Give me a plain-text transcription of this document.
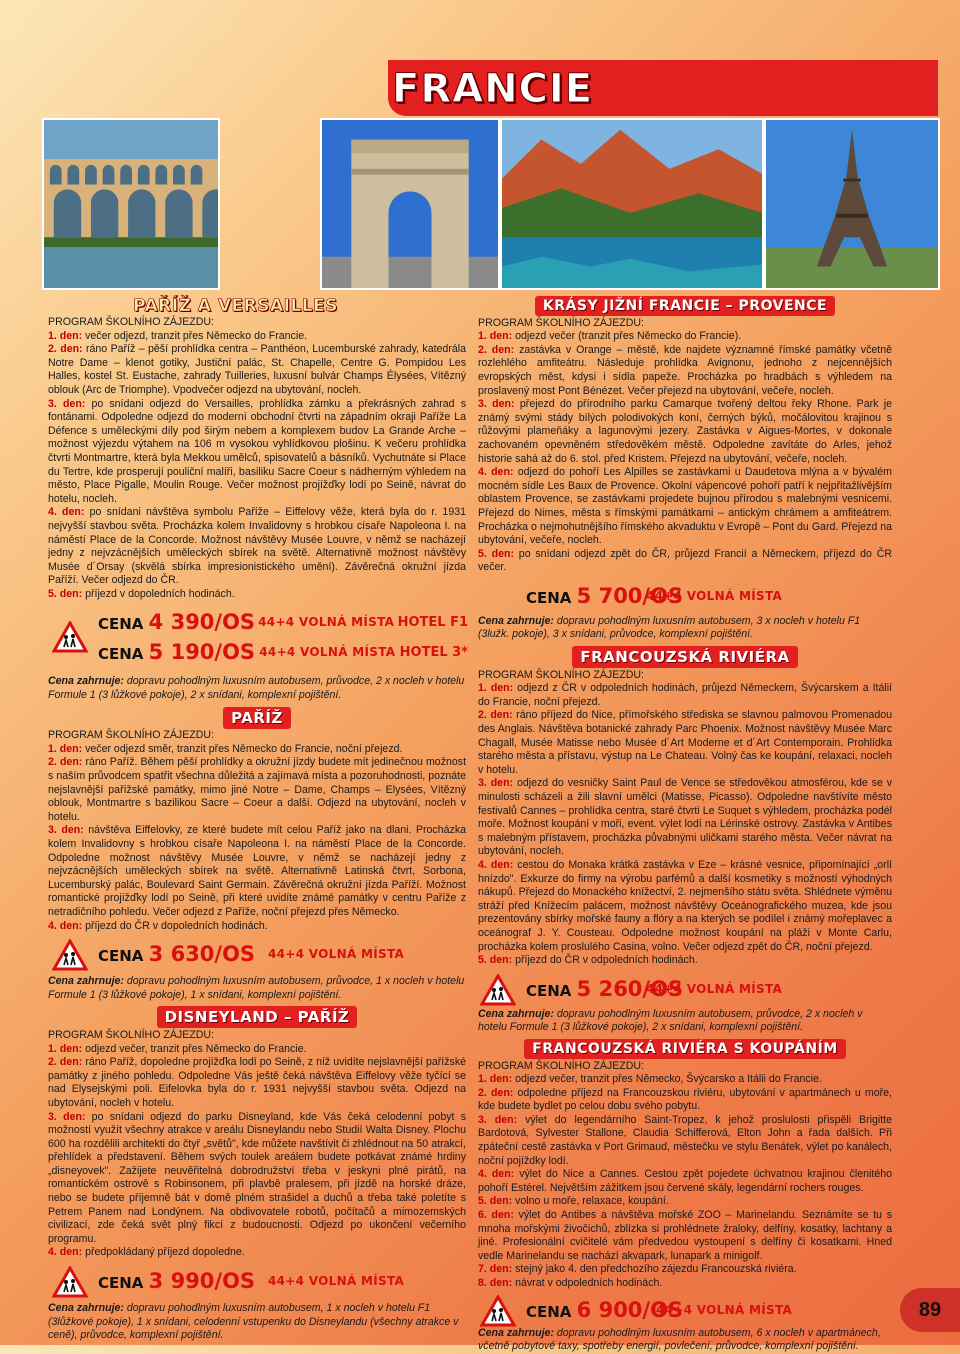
FRANCIE
PAŘÍŽ A VERSAILLES

PROGRAM ŠKOLNÍHO ZÁJEZDU:

1. den: večer odjezd, tranzit přes Německo do Francie.

2. den: ráno Paříž – pěší prohlídka centra – Panthéon, Lucemburské zahrady, katedrála Notre Dame – klenot gotiky, Justiční palác, St. Chapelle, Centre G. Pompidou Les Halles, kostel St. Eustache, zahrady Tuilleries, luxusní bulvár Champs Élysées, Vítězný oblouk (Arc de Triomphe). Vpodvečer odjezd na ubytování, nocleh.

3. den: po snídani odjezd do Versailles, prohlídka zámku a překrásných zahrad s fontánami. Odpoledne odjezd do moderní obchodní čtvrti na západním okraji Paříže La Défence s uměleckými díly pod širým nebem a komplexem budov La Grande Arche – možnost výjezdu výtahem na 106 m vysokou vyhlídkovou plošinu. K večeru prohlídka čtvrti Montmartre, která byla Mekkou umělců, spisovatelů a básníků. Vychutnáte si Place du Tertre, kde prosperují pouliční malíři, basiliku Sacre Coeur s nádherným výhledem na město, Place Pigalle, Moulin Rouge. Večer možnost projížďky lodí po Seině, návrat do hotelu, nocleh.

4. den: po snídani návštěva symbolu Paříže – Eiffelovy věže, která byla do r. 1931 nejvyšší stavbou světa. Procházka kolem Invalidovny s hrobkou císaře Napoleona I. na náměstí Place de la Concorde. Možnost návštěvy Musée Louvre, v němž se nacházejí jedny z nejvzácnějších uměleckých sbírek na světě. Alternativně možnost návštěvy Musée d´Orsay (skvělá sbírka impresionistického umění). Závěrečná okružní jízda Paříží. Večer odjezd do ČR.

5. den: příjezd v dopoledních hodinách.

CENA 4 390/OS 44+4 VOLNÁ MÍSTA HOTEL F1
CENA 5 190/OS 44+4 VOLNÁ MÍSTA HOTEL 3*

Cena zahrnuje: dopravu pohodlným luxusním autobusem, průvodce, 2 x nocleh v hotelu Formule 1 (3 lůžkové pokoje), 2 x snídani, komplexní pojištění.

PAŘÍŽ

PROGRAM ŠKOLNÍHO ZÁJEZDU:

1. den: večer odjezd směr, tranzit přes Německo do Francie, noční přejezd.

2. den: ráno Paříž. Během pěší prohlídky a okružní jízdy budete mít jedinečnou možnost s naším průvodcem spatřit všechna důležitá a zajímavá místa a pozoruhodnosti, poznáte nejslavnější pařížské památky, mimo jiné Notre – Dame, Champs – Elysées, Vítězný oblouk, Montmartre s bazilikou Sacre – Coeur a další. Odjezd na ubytování, nocleh v hotelu.

3. den: návštěva Eiffelovky, ze které budete mít celou Paříž jako na dlani. Procházka kolem Invalidovny s hrobkou císaře Napoleona I. na náměstí Place de la Concorde. Odpoledne možnost návštěvy Musée Louvre, v němž se nacházejí jedny z nejvzácnějších uměleckých sbírek na světě. Alternativně Latinská čtvrt, Sorbona, Lucemburský palác, Boulevard Saint Germain. Závěrečná okružní jízda Paříží. Možnost romantické projížďky lodí po Seině, při které uvidíte známé památky v centru Paříže z netradičního pohledu. Večer odjezd z Paříže, noční přejezd přes Německo.

4. den: příjezd do ČR v dopoledních hodinách.

CENA 3 630/OS	44+4 VOLNÁ MÍSTA

Cena zahrnuje: dopravu pohodlným luxusním autobusem, průvodce, 1 x nocleh v hotelu Formule 1 (3 lůžkové pokoje), 1 x snídani, komplexní pojištění.

DISNEYLAND – PAŘÍŽ

PROGRAM ŠKOLNÍHO ZÁJEZDU:

1. den: odjezd večer, tranzit přes Německo do Francie.

2. den: ráno Paříž, dopoledne projížďka lodí po Seině, z níž uvidíte nejslavnější pařížské památky z jiného pohledu. Odpoledne Vás ještě čeká návštěva Eiffelovy věže tyčící se nad Elysejskými poli. Eifelovka byla do r. 1931 nejvyšší stavbou světa. Odjezd na ubytování, nocleh v hotelu.

3. den: po snídani odjezd do parku Disneyland, kde Vás čeká celodenní pobyt s možností využít všechny atrakce v areálu Disneylandu nebo Studií Walta Disney. Plochu 600 ha rozdělili architekti do čtyř „světů", kde můžete navštívit či zhlédnout na 50 atrakcí, přehlídek a představení. Během svých toulek areálem budete potkávat známé hrdiny „disneyovek". Zažijete neuvěřitelná dobrodružství třeba v jeskyni plné pirátů, na romantickém ostrově s Robinsonem, při plavbě pralesem, při jízdě na horské dráze, nebo se budete příjemně bát v domě plném strašidel a duchů a třeba také poletíte s Petrem Panem nad Londýnem. Na obdivovatele robotů, počítačů a mimozemských civilizací, zde čeká svět plný fikcí z budoucnosti. Odjezd po ukončení večerního programu.

4. den: předpokládaný příjezd dopoledne.

CENA 3 990/OS	44+4 VOLNÁ MÍSTA

Cena zahrnuje: dopravu pohodlným luxusním autobusem, 1 x nocleh v hotelu F1 (3lůžkové pokoje), 1 x snídani, celodenní vstupenku do Disneylandu (všechny atrakce v ceně), průvodce, komplexní pojištění.

KRÁSY JIŽNÍ FRANCIE – PROVENCE

PROGRAM ŠKOLNÍHO ZÁJEZDU:

1. den: odjezd večer (tranzit přes Německo do Francie).

2. den: zastávka v Orange – městě, kde najdete významné římské památky včetně rozlehlého amfiteátru. Následuje prohlídka Avignonu, jednoho z nejcennějších evropských měst, kdysi i sídla papeže. Procházka po hradbách s výhledem na proslavený most Pont Bénézet. Večer přejezd na ubytování, večeře, nocleh.

3. den: přejezd do přírodního parku Camarque tvořený deltou řeky Rhone. Park je známý svými stády bílých polodivokých koní, černých býků, močálovitou krajinou s růžovými plameňáky a lagunovými jezery. Zastávka v Aigues-Mortes, v dokonale zachovaném opevněném středověkém městě. Odpoledne zavítáte do Arles, jehož historie sahá až do 6. stol. před Kristem. Přejezd na ubytování, večeře, nocleh.

4. den: odjezd do pohoří Les Alpilles se zastávkami u Daudetova mlýna a v bývalém mocném sídle Les Baux de Provence. Okolní vápencové pohoří patří k nejpřitažlivějším oblastem Provence, se zastávkami projedete bujnou přírodou s malebnými vesnicemi. Přejezd do Nimes, města s římskými památkami – antickým chrámem a amfiteátrem. Procházka o nejmohutnějšího římského akvaduktu v Evropě – Pont du Gard. Přejezd na ubytování, večeře, nocleh.

5. den: po snídani odjezd zpět do ČR, průjezd Francií a Německem, příjezd do ČR večer.

CENA 5 700/OS
44+4 VOLNÁ MÍSTA

Cena zahrnuje: dopravu pohodlným luxusním autobusem, 3 x nocleh v hotelu F1 (3lužk. pokoje), 3 x snídani, průvodce, komplexní pojištění.

FRANCOUZSKÁ RIVIÉRA

PROGRAM ŠKOLNÍHO ZÁJEZDU:

1. den: odjezd z ČR v odpoledních hodinách, průjezd Německem, Švýcarskem a Itálií do Francie, noční přejezd.

2. den: ráno příjezd do Nice, přímořského střediska se slavnou palmovou Promenadou des Anglais. Návštěva botanické zahrady Parc Phoenix. Možnost návštěvy Musée Marc Chagall, Musée Matisse nebo Musée d´Art Moderne et d´Art Contemporain. Prohlídka starého města a přístavu, výstup na Le Chateau. Volný čas ke koupání, relaxaci, nocleh v hotelu.

3. den: odjezd do vesničky Saint Paul de Vence se středověkou atmosférou, kde se v minulosti scházeli a žili slavní umělci (Matisse, Picasso). Odpoledne navštívíte město festivalů Cannes – prohlídka centra, staré čtvrti Le Suquet s výhledem, procházka podél moře. Možnost koupání v moři, event. výlet lodí na Lérinské ostrovy. Zastávka v Antibes s malebným přístavem, procházka půvabnými uličkami starého města. Večer návrat na ubytování, nocleh.

4. den: cestou do Monaka krátká zastávka v Eze – krásné vesnice, připomínající „orlí hnízdo". Exkurze do firmy na výrobu parfémů a další kosmetiky s možností výhodných nákupů. Přejezd do Monackého knížectví, 2. nejmenšího státu světa. Shlédnete výměnu stráží před Knížecím palácem, možnost návštěvy Oceánografického muzea, kde jsou prezentovány sbírky mořské fauny a flóry a na kterých se podílel i známý mořeplavec a oceánograf J. Y. Cousteau. Odpoledne možnost koupání na pláži v Monte Carlu, procházka kolem proslulého Casina, volno. Večer odjezd zpět do ČR, noční přejezd.

5. den: příjezd do ČR v odpoledních hodinách.

CENA 5 260/OS
44+4 VOLNÁ MÍSTA

Cena zahrnuje: dopravu pohodlným luxusním autobusem, průvodce, 2 x nocleh v hotelu Formule 1 (3 lůžkové pokoje), 2 x snídani, komplexní pojištění.

FRANCOUZSKÁ RIVIÉRA S KOUPÁNÍM

PROGRAM ŠKOLNÍHO ZÁJEZDU:

1. den: odjezd večer, tranzit přes Německo, Švýcarsko a Itálii do Francie.

2. den: odpoledne příjezd na Francouzskou riviéru, ubytování v apartmánech u moře, kde budete bydlet po celou dobu svého pobytu.

3. den: výlet do legendárního Saint-Tropez, k jehož proslulosti přispěli Brigitte Bardotová, Sylvester Stallone, Claudia Schifferová, Elton John a řada dalších. Při zpáteční cestě zastávka v Port Grimaud, městečku ve stylu Benátek, výlet po kanálech, noční pojíždky lodí.

4. den: výlet do Nice a Cannes. Cestou zpět pojedete úchvatnou krajinou členitého pohoří Estérel. Největším zážitkem jsou červené skály, legendární rochers rouges.

5. den: volno u moře, relaxace, koupání.

6. den: výlet do Antibes a návštěva mořské ZOO – Marinelandu. Seznámíte se tu s mnoha mořskými živočichů, zblízka si prohlédnete žraloky, delfíny, kosatky, lachtany a jiné. Profesionální cvičitelé vám předvedou vystoupení s delfíny či kosatkami. Hned vedle Marinelandu se nachází akvapark, lunapark a minigolf.

7. den: stejný jako 4. den předchozího zájezdu Francouzská riviéra.

8. den: návrat v odpoledních hodinách.

CENA 6 900/OS
44+4 VOLNÁ MÍSTA

Cena zahrnuje: dopravu pohodlným luxusním autobusem, 6 x nocleh v apartmánech, včetně pobytové taxy, spotřeby energií, povlečení, průvodce, komplexní pojištění.

89
